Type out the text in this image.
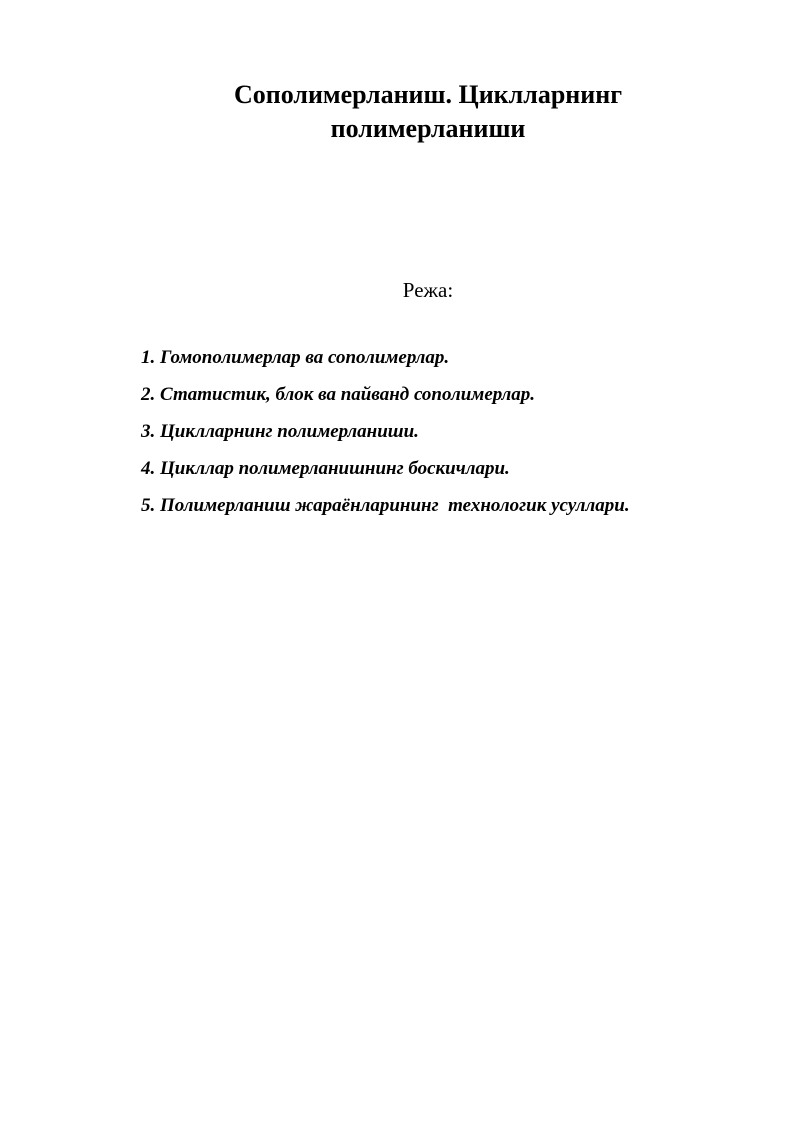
Сополимерланиш. Циклларнинг
полимерланиши
Режа:
1. Гомополимерлар ва сополимерлар.
2. Статистик, блок ва пайванд сополимерлар.
3. Циклларнинг полимерланиши.
4. Цикллар полимерланишнинг боскичлари.
5. Полимерланиш жараёнларининг  технологик усуллари.
